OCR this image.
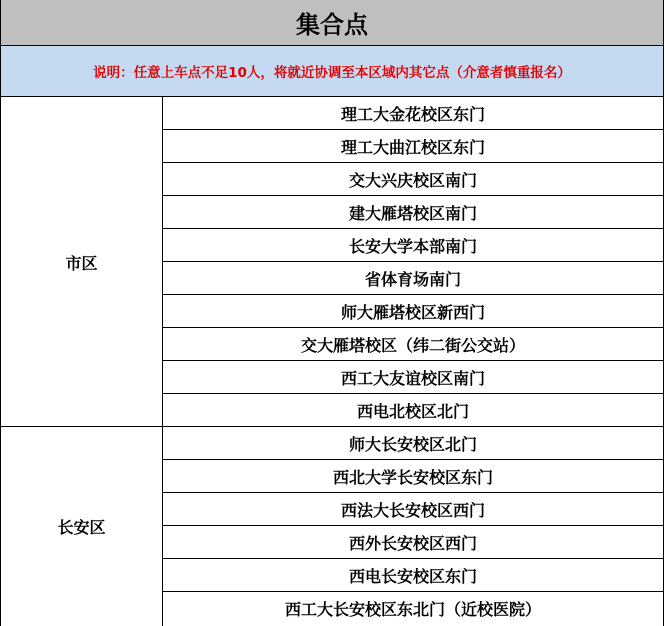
集合点
说明：任意上车点不足10人，将就近协调至本区域内其它点（介意者慎重报名）
市区
理工大金花校区东门
理工大曲江校区东门
交大兴庆校区南门
建大雁塔校区南门
长安大学本部南门
省体育场南门
师大雁塔校区新西门
交大雁塔校区（纬二街公交站）
西工大友谊校区南门
西电北校区北门
长安区
师大长安校区北门
西北大学长安校区东门
西法大长安校区西门
西外长安校区西门
西电长安校区东门
西工大长安校区东北门（近校医院）
